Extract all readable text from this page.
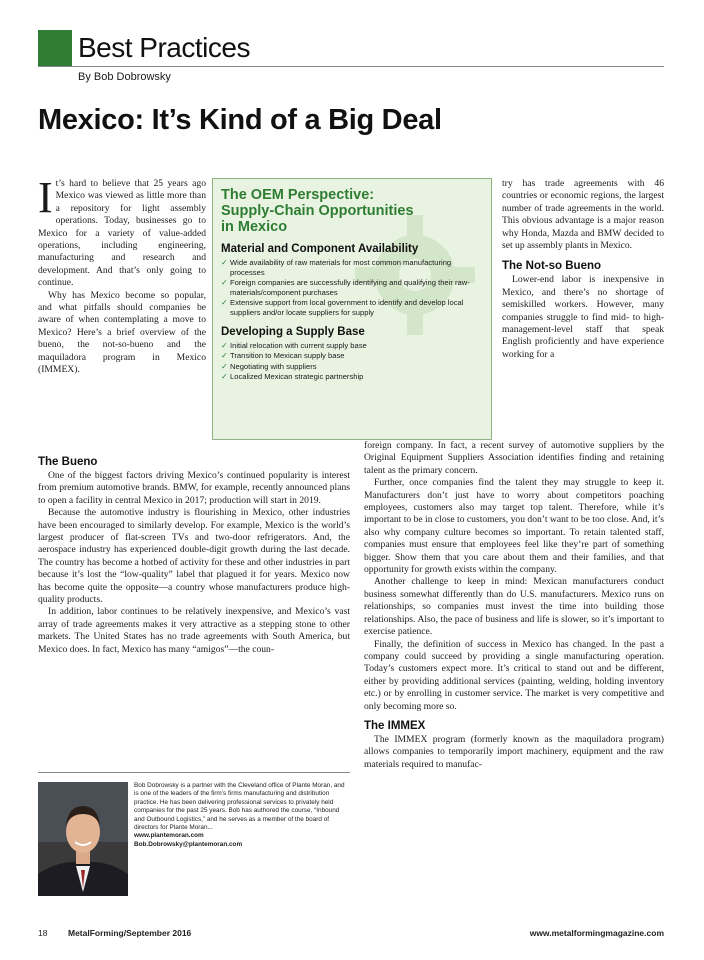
Best Practices
By Bob Dobrowsky
Mexico: It’s Kind of a Big Deal

It’s hard to believe that 25 years ago Mexico was viewed as little more than a repository for light assembly operations. Today, businesses go to Mexico for a variety of value-added operations, including engineering, manufacturing and research and development. And that’s only going to continue.

Why has Mexico become so popular, and what pitfalls should companies be aware of when contemplating a move to Mexico? Here’s a brief overview of the bueno, the not-so-bueno and the maquiladora program in Mexico (IMMEX).

The OEM Perspective:

Supply-Chain Opportunities

in Mexico

Material and Component Availability

✓ Wide availability of raw materials for most common manufacturing processes
✓ Foreign companies are successfully identifying and qualifying their raw-materials/component purchases
✓ Extensive support from local government to identify and develop local suppliers and/or locate suppliers for supply

Developing a Supply Base

✓ Initial relocation with current supply base
✓ Transition to Mexican supply base
✓ Negotiating with suppliers
✓ Localized Mexican strategic partnership

try has trade agreements with 46 countries or economic regions, the largest number of trade agreements in the world. This obvious advantage is a major reason why Honda, Mazda and BMW decided to set up assembly plants in Mexico.

The Not-so Bueno

Lower-end labor is inexpensive in Mexico, and there’s no shortage of semiskilled workers. However, many companies struggle to find mid- to high-management-level staff that speak English proficiently and have experience working for a

The Bueno

One of the biggest factors driving Mexico’s continued popularity is interest from premium automotive brands. BMW, for example, recently announced plans to open a facility in central Mexico in 2017; production will start in 2019.

Because the automotive industry is flourishing in Mexico, other industries have been encouraged to similarly develop. For example, Mexico is the world’s largest producer of flat-screen TVs and two-door refrigerators. And, the aerospace industry has experienced double-digit growth during the last decade. The country has become a hotbed of activity for these and other industries in part because it’s lost the “low-quality” label that plagued it for years. Mexico now has become quite the opposite—a country whose manufacturers produce high-quality products.

In addition, labor continues to be relatively inexpensive, and Mexico’s vast array of trade agreements makes it very attractive as a stepping stone to other markets. The United States has no trade agreements with South America, but Mexico does. In fact, Mexico has many “amigos”—the coun-

foreign company. In fact, a recent survey of automotive suppliers by the Original Equipment Suppliers Association identifies finding and retaining talent as the primary concern.

Further, once companies find the talent they may struggle to keep it. Manufacturers don’t just have to worry about competitors poaching employees, customers also may target top talent. Therefore, while it’s important to be in close to customers, you don’t want to be too close. And, it’s also why company culture becomes so important. To retain talented staff, companies must ensure that employees feel like they’re part of something bigger. Show them that you care about them and their families, and that opportunity for growth exists within the company.

Another challenge to keep in mind: Mexican manufacturers conduct business somewhat differently than do U.S. manufacturers. Mexico runs on relationships, so companies must invest the time into building those relationships. Also, the pace of business and life is slower, so it’s important to exercise patience.

Finally, the definition of success in Mexico has changed. In the past a company could succeed by providing a single manufacturing operation. Today’s customers expect more. It’s critical to stand out and be different, either by providing additional services (painting, welding, holding inventory etc.) or by enrolling in customer service. The market is very competitive and only becoming more so.

The IMMEX

The IMMEX program (formerly known as the maquiladora program) allows companies to temporarily import machinery, equipment and the raw materials required to manufac-

Bob Dobrowsky is a partner with the Cleveland office of Plante Moran, and is one of the leaders of the firm’s firms manufacturing and distribution practice. He has been delivering professional services to privately held companies for the past 25 years. Bob has authored the course, “Inbound and Outbound Logistics,” and he serves as a member of the board of directors for Plante Moran...
www.plantemoran.com
Bob.Dobrowsky@plantemoran.com
18 MetalForming/September 2016	www.metalformingmagazine.com
